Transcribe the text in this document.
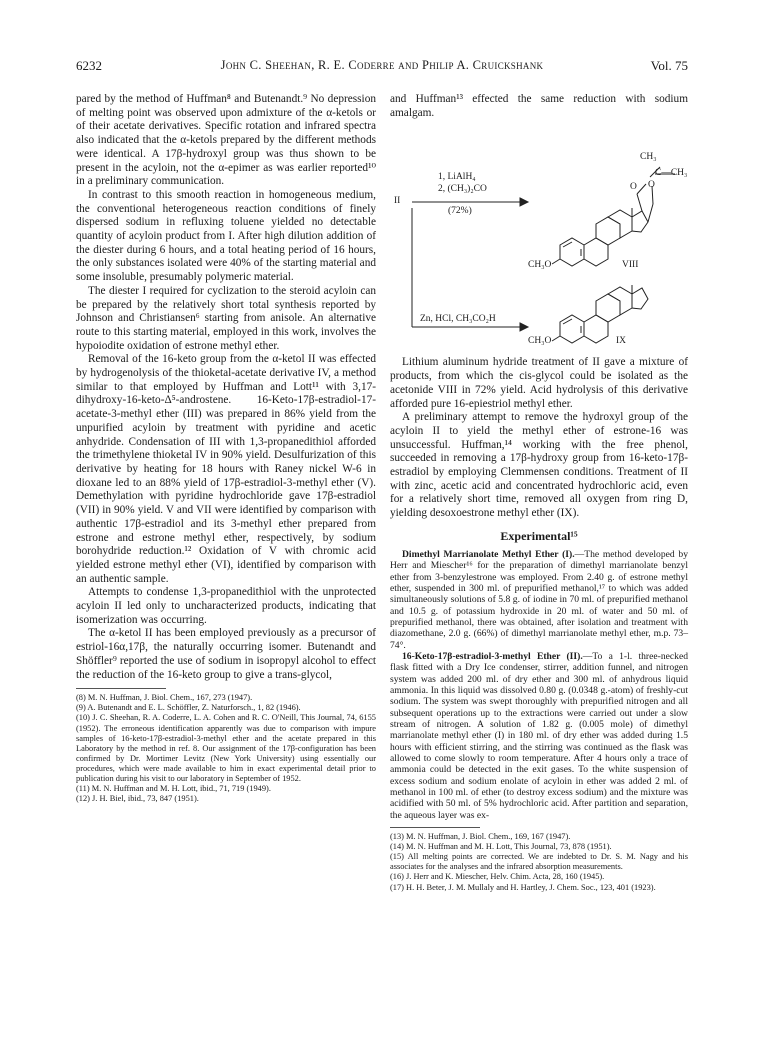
6232	John C. Sheehan, R. E. Coderre and Philip A. Cruickshank	Vol. 75

pared by the method of Huffman⁸ and Butenandt.⁹ No depression of melting point was observed upon admixture of the α-ketols or of their acetate derivatives. Specific rotation and infrared spectra also indicated that the α-ketols prepared by the different methods were identical. A 17β-hydroxyl group was thus shown to be present in the acyloin, not the α-epimer as was earlier reported¹⁰ in a preliminary communication.

In contrast to this smooth reaction in homogeneous medium, the conventional heterogeneous reaction conditions of finely dispersed sodium in refluxing toluene yielded no detectable quantity of acyloin product from I. After high dilution addition of the diester during 6 hours, and a total heating period of 16 hours, the only substances isolated were 40% of the starting material and some insoluble, presumably polymeric material.

The diester I required for cyclization to the steroid acyloin can be prepared by the relatively short total synthesis reported by Johnson and Christiansen⁶ starting from anisole. An alternative route to this starting material, employed in this work, involves the hypoiodite oxidation of estrone methyl ether.

Removal of the 16-keto group from the α-ketol II was effected by hydrogenolysis of the thioketal-acetate derivative IV, a method similar to that employed by Huffman and Lott¹¹ with 3,17-dihydroxy-16-keto-Δ⁵-androstene. 16-Keto-17β-estradiol-17-acetate-3-methyl ether (III) was prepared in 86% yield from the unpurified acyloin by treatment with pyridine and acetic anhydride. Condensation of III with 1,3-propanedithiol afforded the trimethylene thioketal IV in 90% yield. Desulfurization of this derivative by heating for 18 hours with Raney nickel W-6 in dioxane led to an 88% yield of 17β-estradiol-3-methyl ether (V). Demethylation with pyridine hydrochloride gave 17β-estradiol (VII) in 90% yield. V and VII were identified by comparison with authentic 17β-estradiol and its 3-methyl ether prepared from estrone and estrone methyl ether, respectively, by sodium borohydride reduction.¹² Oxidation of V with chromic acid yielded estrone methyl ether (VI), identified by comparison with an authentic sample.

Attempts to condense 1,3-propanedithiol with the unprotected acyloin II led only to uncharacterized products, indicating that isomerization was occurring.

The α-ketol II has been employed previously as a precursor of estriol-16α,17β, the naturally occurring isomer. Butenandt and Shöffler⁹ reported the use of sodium in isopropyl alcohol to effect the reduction of the 16-keto group to give a trans-glycol,

(8) M. N. Huffman, J. Biol. Chem., 167, 273 (1947).

(9) A. Butenandt and E. L. Schöffler, Z. Naturforsch., 1, 82 (1946).

(10) J. C. Sheehan, R. A. Coderre, L. A. Cohen and R. C. O'Neill, This Journal, 74, 6155 (1952). The erroneous identification apparently was due to comparison with impure samples of 16-keto-17β-estradiol-3-methyl ether and the acetate prepared in this Laboratory by the method in ref. 8. Our assignment of the 17β-configuration has been confirmed by Dr. Mortimer Levitz (New York University) using essentially our procedures, which were made available to him in exact experimental detail prior to publication during his visit to our laboratory in September of 1952.

(11) M. N. Huffman and M. H. Lott, ibid., 71, 719 (1949).

(12) J. H. Biel, ibid., 73, 847 (1951).

and Huffman¹³ effected the same reduction with sodium amalgam.

II
1, LiAlH₄
2, (CH₃)₂CO
(72%)
Zn, HCl, CH₃CO₂H
CH₃
C—CH₃
O O
CH₃O	VIII
CH₃O	IX

Lithium aluminum hydride treatment of II gave a mixture of products, from which the cis-glycol could be isolated as the acetonide VIII in 72% yield. Acid hydrolysis of this derivative afforded pure 16-epiestriol methyl ether.

A preliminary attempt to remove the hydroxyl group of the acyloin II to yield the methyl ether of estrone-16 was unsuccessful. Huffman,¹⁴ working with the free phenol, succeeded in removing a 17β-hydroxy group from 16-keto-17β-estradiol by employing Clemmensen conditions. Treatment of II with zinc, acetic acid and concentrated hydrochloric acid, even for a relatively short time, removed all oxygen from ring D, yielding desoxoestrone methyl ether (IX).

Experimental¹⁵

Dimethyl Marrianolate Methyl Ether (I).—The method developed by Herr and Miescher¹⁶ for the preparation of dimethyl marrianolate benzyl ether from 3-benzylestrone was employed. From 2.40 g. of estrone methyl ether, suspended in 300 ml. of prepurified methanol,¹⁷ to which was added simultaneously solutions of 5.8 g. of iodine in 70 ml. of prepurified methanol and 10.5 g. of potassium hydroxide in 20 ml. of water and 50 ml. of prepurified methanol, there was obtained, after isolation and treatment with diazomethane, 2.0 g. (66%) of dimethyl marrianolate methyl ether, m.p. 73–74°.

16-Keto-17β-estradiol-3-methyl Ether (II).—To a 1-l. three-necked flask fitted with a Dry Ice condenser, stirrer, addition funnel, and nitrogen system was added 200 ml. of dry ether and 300 ml. of anhydrous liquid ammonia. In this liquid was dissolved 0.80 g. (0.0348 g.-atom) of freshly-cut sodium. The system was swept thoroughly with prepurified nitrogen and all subsequent operations up to the extractions were carried out under a slow stream of nitrogen. A solution of 1.82 g. (0.005 mole) of dimethyl marrianolate methyl ether (I) in 180 ml. of dry ether was added during 1.5 hours with efficient stirring, and the stirring was continued as the flask was allowed to come slowly to room temperature. After 4 hours only a trace of ammonia could be detected in the exit gases. To the white suspension of excess sodium and sodium enolate of acyloin in ether was added 2 ml. of methanol in 100 ml. of ether (to destroy excess sodium) and the mixture was acidified with 50 ml. of 5% hydrochloric acid. After partition and separation, the aqueous layer was ex-

(13) M. N. Huffman, J. Biol. Chem., 169, 167 (1947).

(14) M. N. Huffman and M. H. Lott, This Journal, 73, 878 (1951).

(15) All melting points are corrected. We are indebted to Dr. S. M. Nagy and his associates for the analyses and the infrared absorption measurements.

(16) J. Herr and K. Miescher, Helv. Chim. Acta, 28, 160 (1945).

(17) H. H. Beter, J. M. Mullaly and H. Hartley, J. Chem. Soc., 123, 401 (1923).
